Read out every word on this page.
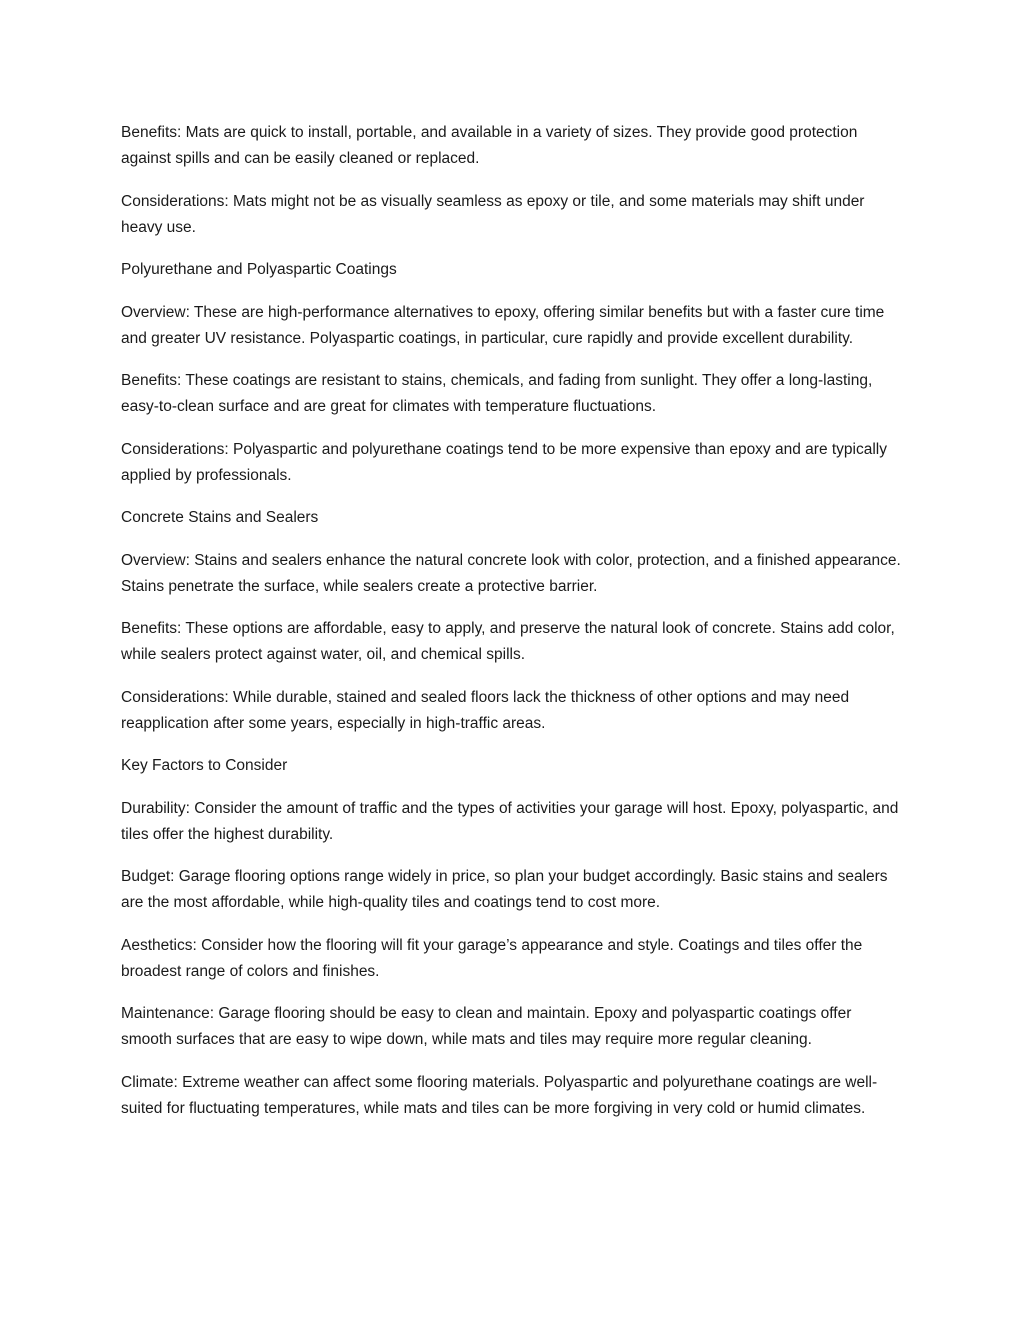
Benefits: Mats are quick to install, portable, and available in a variety of sizes. They provide good protection against spills and can be easily cleaned or replaced.

Considerations: Mats might not be as visually seamless as epoxy or tile, and some materials may shift under heavy use.

Polyurethane and Polyaspartic Coatings

Overview: These are high-performance alternatives to epoxy, offering similar benefits but with a faster cure time and greater UV resistance. Polyaspartic coatings, in particular, cure rapidly and provide excellent durability.

Benefits: These coatings are resistant to stains, chemicals, and fading from sunlight. They offer a long-lasting, easy-to-clean surface and are great for climates with temperature fluctuations.

Considerations: Polyaspartic and polyurethane coatings tend to be more expensive than epoxy and are typically applied by professionals.

Concrete Stains and Sealers

Overview: Stains and sealers enhance the natural concrete look with color, protection, and a finished appearance. Stains penetrate the surface, while sealers create a protective barrier.

Benefits: These options are affordable, easy to apply, and preserve the natural look of concrete. Stains add color, while sealers protect against water, oil, and chemical spills.

Considerations: While durable, stained and sealed floors lack the thickness of other options and may need reapplication after some years, especially in high-traffic areas.

Key Factors to Consider

Durability: Consider the amount of traffic and the types of activities your garage will host. Epoxy, polyaspartic, and tiles offer the highest durability.

Budget: Garage flooring options range widely in price, so plan your budget accordingly. Basic stains and sealers are the most affordable, while high-quality tiles and coatings tend to cost more.

Aesthetics: Consider how the flooring will fit your garage’s appearance and style. Coatings and tiles offer the broadest range of colors and finishes.

Maintenance: Garage flooring should be easy to clean and maintain. Epoxy and polyaspartic coatings offer smooth surfaces that are easy to wipe down, while mats and tiles may require more regular cleaning.

Climate: Extreme weather can affect some flooring materials. Polyaspartic and polyurethane coatings are well-suited for fluctuating temperatures, while mats and tiles can be more forgiving in very cold or humid climates.
